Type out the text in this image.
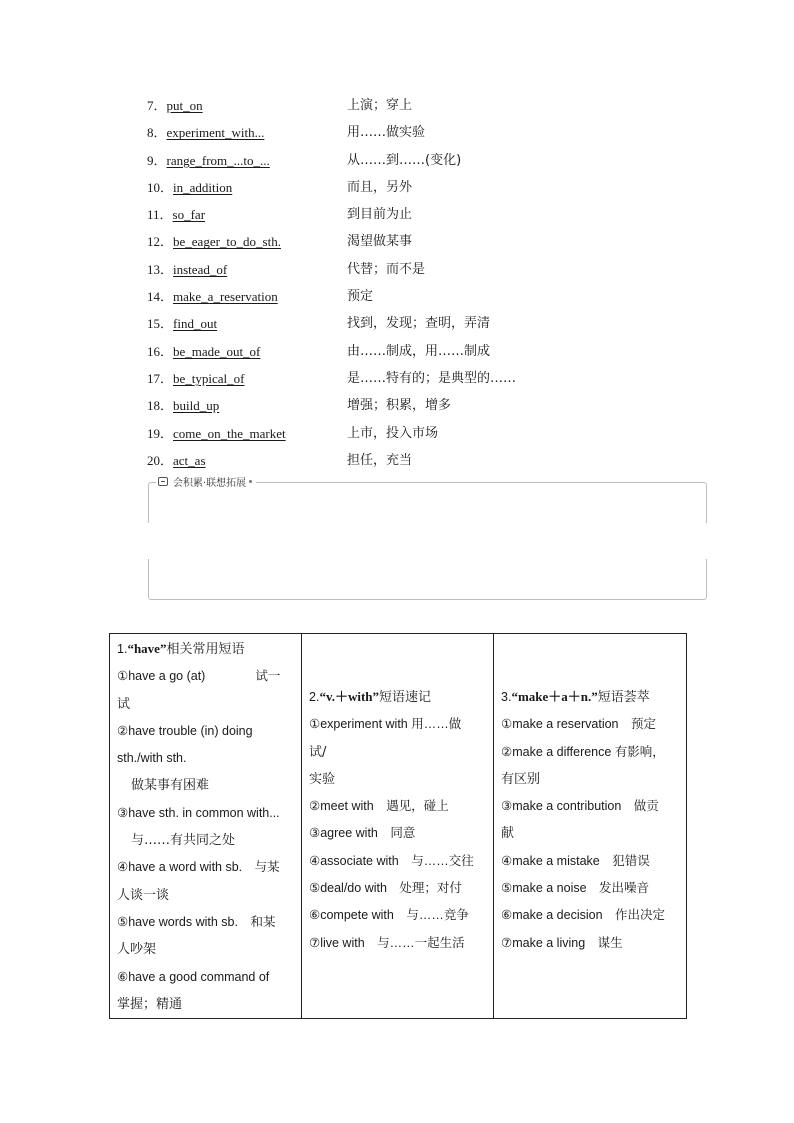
7．put_on	上演；穿上
8．experiment_with...	用……做实验
9．range_from_...to_...	从……到……(变化)
10．in_addition	而且，另外
11．so_far	到目前为止
12．be_eager_to_do_sth.	渴望做某事
13．instead_of	代替；而不是
14．make_a_reservation	预定
15．find_out	找到，发现；查明，弄清
16．be_made_out_of	由……制成，用……制成
17．be_typical_of	是……特有的；是典型的……
18．build_up	增强；积累，增多
19．come_on_the_market	上市，投入市场
20．act_as	担任，充当
会积累·联想拓展
1.“have”相关常用短语
①have a go (at)　　　　试一
试
②have trouble (in) doing
sth./with sth.
做某事有困难
③have sth. in common with...
与……有共同之处
④have a word with sb.　与某
人谈一谈
⑤have words with sb.　和某
人吵架
⑥have a good command of
掌握；精通

2.“v.＋with”短语速记
①experiment with 用……做
试/
实验
②meet with　遇见，碰上
③agree with　同意
④associate with　与……交往
⑤deal/do with　处理；对付
⑥compete with　与……竞争
⑦live with　与……一起生活

3.“make＋a＋n.”短语荟萃
①make a reservation　预定
②make a difference 有影响，
有区别
③make a contribution　做贡
献
④make a mistake　犯错误
⑤make a noise　发出噪音
⑥make a decision　作出决定
⑦make a living　谋生
